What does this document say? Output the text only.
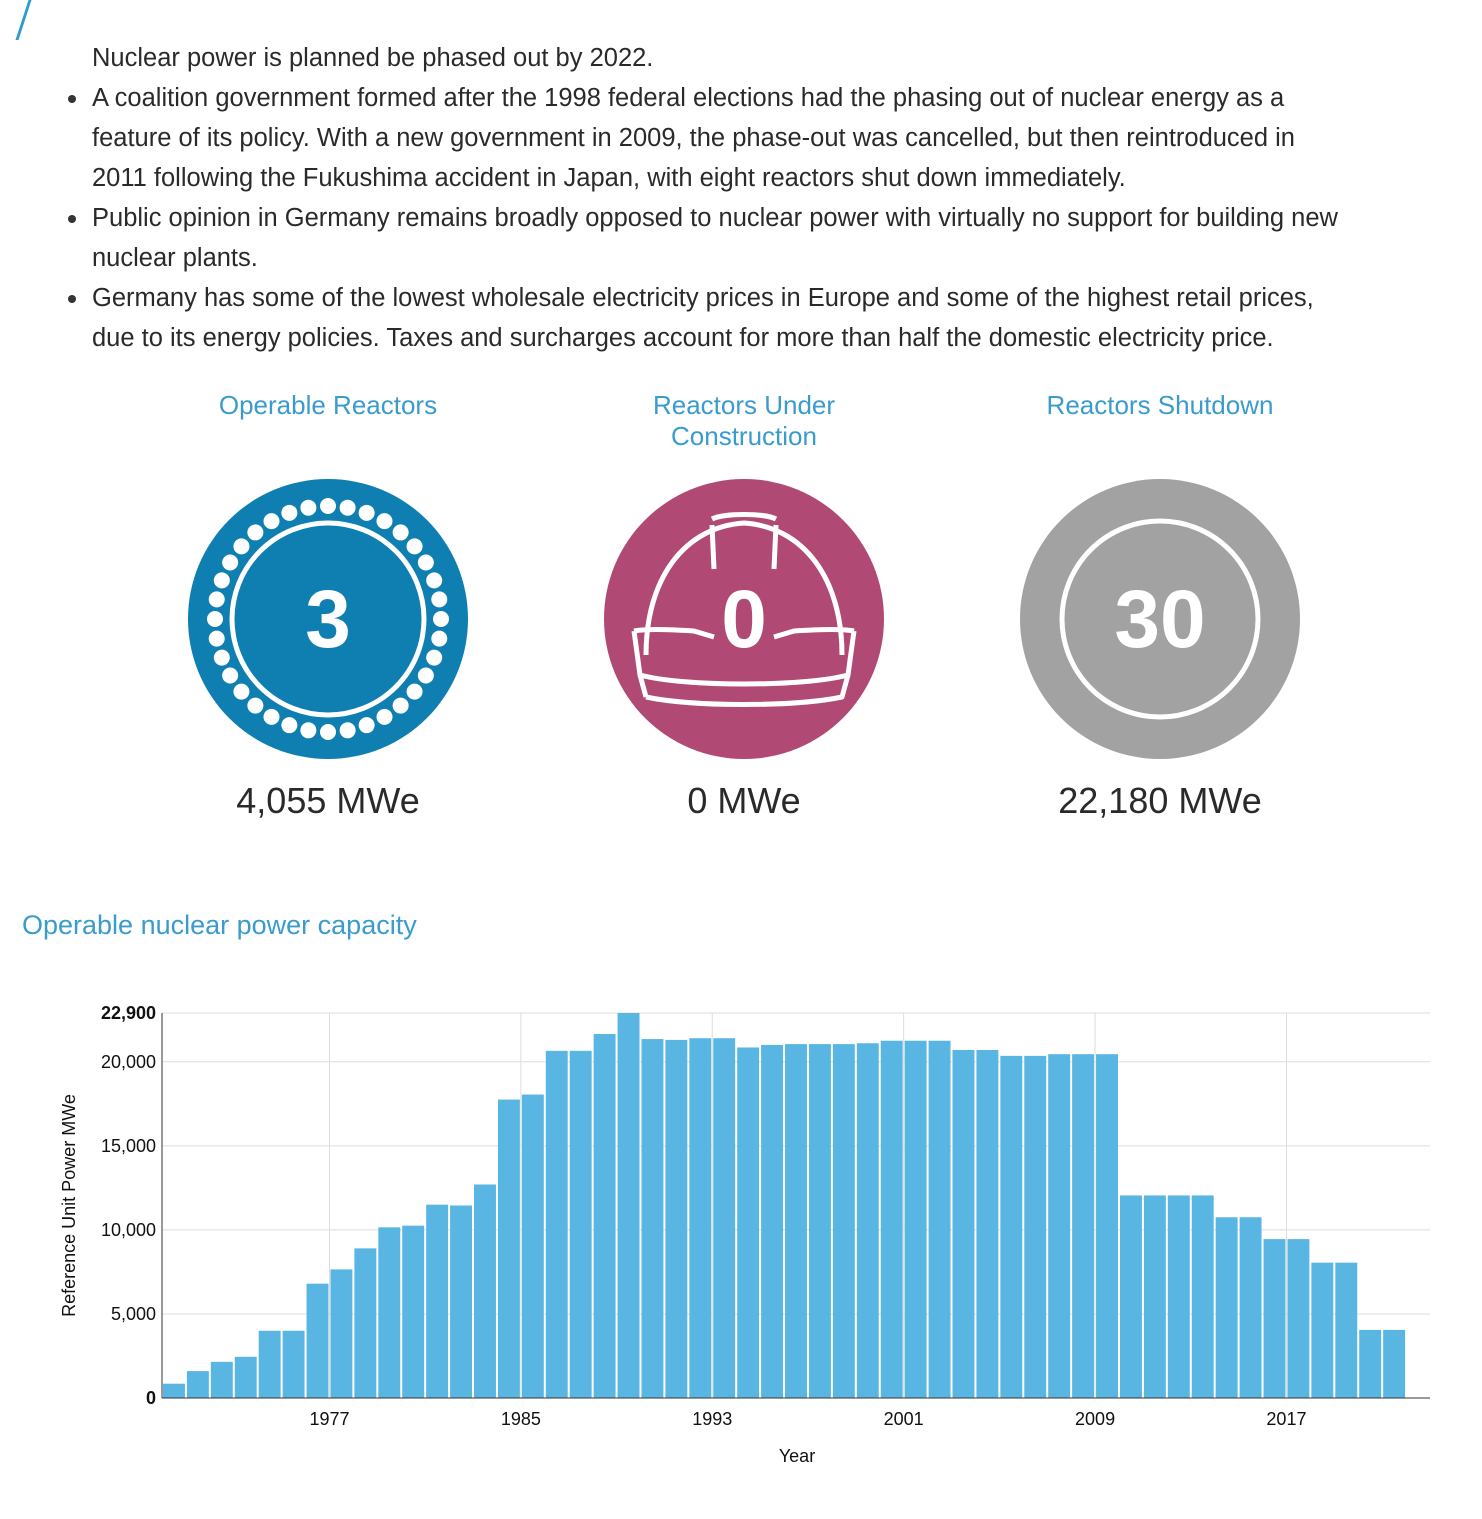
Nuclear power is planned be phased out by 2022.
A coalition government formed after the 1998 federal elections had the phasing out of nuclear energy as a
feature of its policy. With a new government in 2009, the phase-out was cancelled, but then reintroduced in
2011 following the Fukushima accident in Japan, with eight reactors shut down immediately.
Public opinion in Germany remains broadly opposed to nuclear power with virtually no support for building new
nuclear plants.
Germany has some of the lowest wholesale electricity prices in Europe and some of the highest retail prices,
due to its energy policies. Taxes and surcharges account for more than half the domestic electricity price.
Operable Reactors
3
4,055 MWe
Reactors Under
Construction
0
0 MWe
Reactors Shutdown
30
22,180 MWe
Operable nuclear power capacity
0
5,000
10,000
15,000
20,000
22,900
1977	1985	1993	2001	2009	2017
Year
Reference Unit Power MWe
